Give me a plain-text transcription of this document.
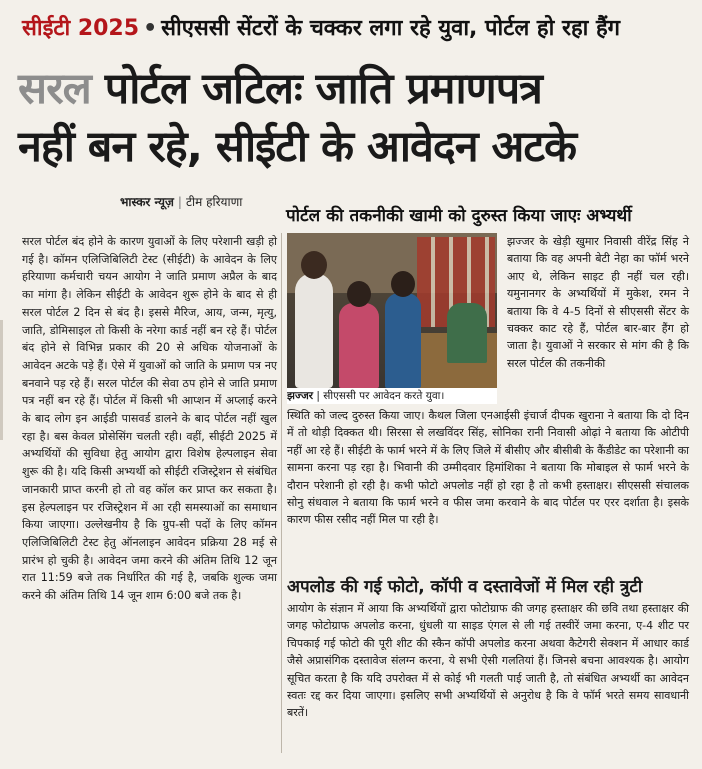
सीईटी 2025 • सीएससी सेंटरों के चक्कर लगा रहे युवा, पोर्टल हो रहा हैंग
सरल पोर्टल जटिलः जाति प्रमाणपत्र
नहीं बन रहे, सीईटी के आवेदन अटके
भास्कर न्यूज़ | टीम हरियाणा
पोर्टल की तकनीकी खामी को दुरुस्त किया जाएः अभ्यर्थी

सरल पोर्टल बंद होने के कारण युवाओं के लिए परेशानी खड़ी हो गई है। कॉमन एलिजिबिलिटी टेस्ट (सीईटी) के आवेदन के लिए हरियाणा कर्मचारी चयन आयोग ने जाति प्रमाण अप्रैल के बाद का मांगा है। लेकिन सीईटी के आवेदन शुरू होने के बाद से ही सरल पोर्टल 2 दिन से बंद है। इससे मैरिज, आय, जन्म, मृत्यु, जाति, डोमिसाइल तो किसी के नरेगा कार्ड नहीं बन रहे हैं। पोर्टल बंद होने से विभिन्न प्रकार की 20 से अधिक योजनाओं के आवेदन अटके पड़े हैं। ऐसे में युवाओं को जाति के प्रमाण पत्र नए बनवाने पड़ रहे हैं। सरल पोर्टल की सेवा ठप होने से जाति प्रमाण पत्र नहीं बन रहे हैं। पोर्टल में किसी भी आप्शन में अप्लाई करने के बाद लोग इन आईडी पासवर्ड डालने के बाद पोर्टल नहीं खुल रहा है। बस केवल प्रोसेसिंग चलती रही। वहीं, सीईटी 2025 में अभ्यर्थियों की सुविधा हेतु आयोग द्वारा विशेष हेल्पलाइन सेवा शुरू की है। यदि किसी अभ्यर्थी को सीईटी रजिस्ट्रेशन से संबंधित जानकारी प्राप्त करनी हो तो वह कॉल कर प्राप्त कर सकता है। इस हेल्पलाइन पर रजिस्ट्रेशन में आ रही समस्याओं का समाधान किया जाएगा। उल्लेखनीय है कि ग्रुप-सी पदों के लिए कॉमन एलिजिबिलिटी टेस्ट हेतु ऑनलाइन आवेदन प्रक्रिया 28 मई से प्रारंभ हो चुकी है। आवेदन जमा करने की अंतिम तिथि 12 जून रात 11:59 बजे तक निर्धारित की गई है, जबकि शुल्क जमा करने की अंतिम तिथि 14 जून शाम 6:00 बजे तक है।

झज्जर | सीएससी पर आवेदन करते युवा।

झज्जर के खेड़ी खुमार निवासी वीरेंद्र सिंह ने बताया कि वह अपनी बेटी नेहा का फॉर्म भरने आए थे, लेकिन साइट ही नहीं चल रही। यमुनानगर के अभ्यर्थियों में मुकेश, रमन ने बताया कि वे 4-5 दिनों से सीएससी सेंटर के चक्कर काट रहे हैं, पोर्टल बार-बार हैंग हो जाता है। युवाओं ने सरकार से मांग की है कि सरल पोर्टल की तकनीकी

स्थिति को जल्द दुरुस्त किया जाए। कैथल जिला एनआईसी इंचार्ज दीपक खुराना ने बताया कि दो दिन में तो थोड़ी दिक्कत थी। सिरसा से लखविंदर सिंह, सोनिका रानी निवासी ओढ़ां ने बताया कि ओटीपी नहीं आ रहे हैं। सीईटी के फार्म भरने में के लिए जिले में बीसीए और बीसीबी के कैंडीडेट का परेशानी का सामना करना पड़ रहा है। भिवानी की उम्मीदवार हिमांशिका ने बताया कि मोबाइल से फार्म भरने के दौरान परेशानी हो रही है। कभी फोटो अपलोड नहीं हो रहा है तो कभी हस्ताक्षर। सीएससी संचालक सोनु संधवाल ने बताया कि फार्म भरने व फीस जमा करवाने के बाद पोर्टल पर एरर दर्शाता है। इसके कारण फीस रसीद नहीं मिल पा रही है।

अपलोड की गई फोटो, कॉपी व दस्तावेजों में मिल रही त्रुटी

आयोग के संज्ञान में आया कि अभ्यर्थियों द्वारा फोटोग्राफ की जगह हस्ताक्षर की छवि तथा हस्ताक्षर की जगह फोटोग्राफ अपलोड करना, धुंधली या साइड एंगल से ली गई तस्वीरें जमा करना, ए-4 शीट पर चिपकाई गई फोटो की पूरी शीट की स्कैन कॉपी अपलोड करना अथवा कैटेगरी सेक्शन में आधार कार्ड जैसे अप्रासंगिक दस्तावेज संलग्न करना, ये सभी ऐसी गलतियां हैं। जिनसे बचना आवश्यक है। आयोग सूचित करता है कि यदि उपरोक्त में से कोई भी गलती पाई जाती है, तो संबंधित अभ्यर्थी का आवेदन स्वतः रद्द कर दिया जाएगा। इसलिए सभी अभ्यर्थियों से अनुरोध है कि वे फॉर्म भरते समय सावधानी बरतें।
